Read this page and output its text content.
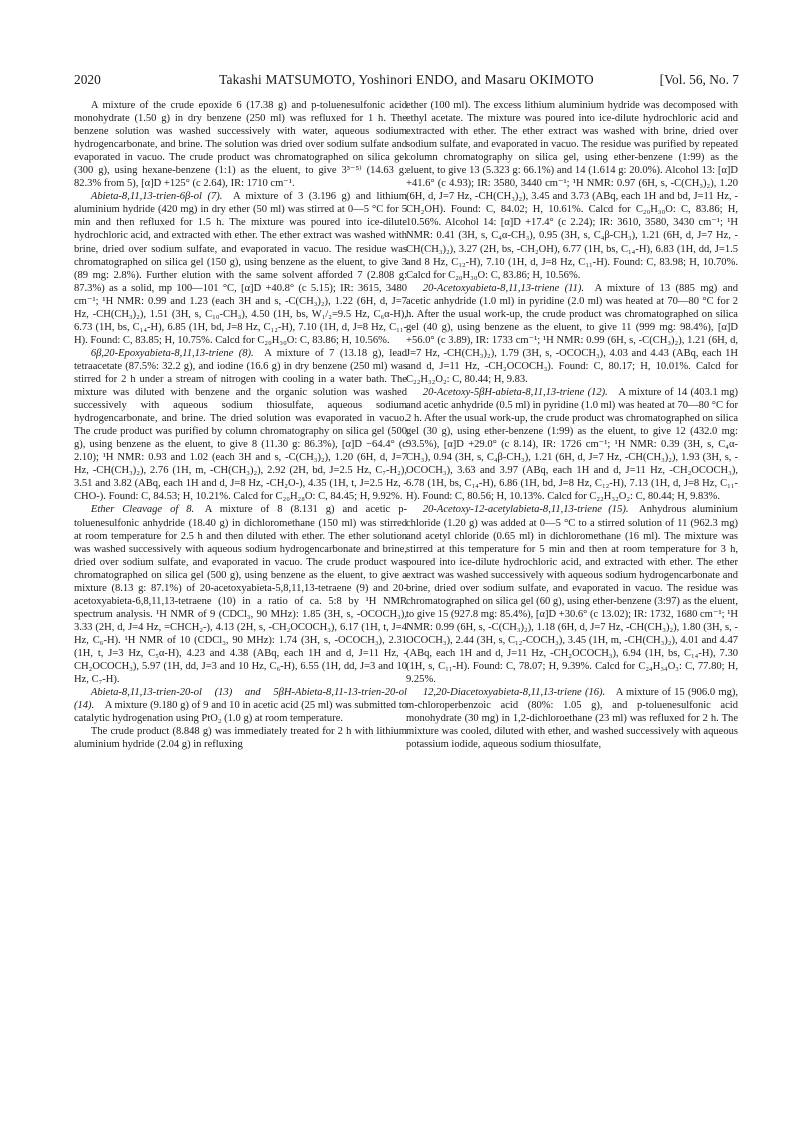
2020	Takashi MATSUMOTO, Yoshinori ENDO, and Masaru OKIMOTO	[Vol. 56, No. 7

A mixture of the crude epoxide 6 (17.38 g) and p-toluenesulfonic acid monohydrate (1.50 g) in dry benzene (250 ml) was refluxed for 1 h. The benzene solution was washed successively with water, aqueous sodium hydrogencarbonate, and brine. The solution was dried over sodium sulfate and evaporated in vacuo. The crude product was chromatographed on silica gel (300 g), using hexane-benzene (1:1) as the eluent, to give 3³⁻⁵⁾ (14.63 g: 82.3% from 5), [α]D +125° (c 2.64), IR: 1710 cm⁻¹.

Abieta-8,11,13-trien-6β-ol (7).  A mixture of 3 (3.196 g) and lithium aluminium hydride (420 mg) in dry ether (50 ml) was stirred at 0—5 °C for 5 min and then refluxed for 1.5 h. The mixture was poured into ice-dilute hydrochloric acid, and extracted with ether. The ether extract was washed with brine, dried over sodium sulfate, and evaporated in vacuo. The residue was chromatographed on silica gel (150 g), using benzene as the eluent, to give 3 (89 mg: 2.8%). Further elution with the same solvent afforded 7 (2.808 g: 87.3%) as a solid, mp 100—101 °C, [α]D +40.8° (c 5.15); IR: 3615, 3480 cm⁻¹; ¹H NMR: 0.99 and 1.23 (each 3H and s, -C(CH₃)₂), 1.22 (6H, d, J=7 Hz, -CH(CH₃)₂), 1.51 (3H, s, C₁₀-CH₃), 4.50 (1H, bs, W₁/₂=9.5 Hz, C₆α-H), 6.73 (1H, bs, C₁₄-H), 6.85 (1H, bd, J=8 Hz, C₁₂-H), 7.10 (1H, d, J=8 Hz, C₁₁-H). Found: C, 83.85; H, 10.75%. Calcd for C₂₀H₃₀O: C, 83.86; H, 10.56%.

6β,20-Epoxyabieta-8,11,13-triene (8).  A mixture of 7 (13.18 g), lead tetraacetate (87.5%: 32.2 g), and iodine (16.6 g) in dry benzene (250 ml) was stirred for 2 h under a stream of nitrogen with cooling in a water bath. The mixture was diluted with benzene and the organic solution was washed successively with aqueous sodium thiosulfate, aqueous sodium hydrogencarbonate, and brine. The dried solution was evaporated in vacuo. The crude product was purified by column chromatography on silica gel (500 g), using benzene as the eluent, to give 8 (11.30 g: 86.3%), [α]D −64.4° (c 2.10); ¹H NMR: 0.93 and 1.02 (each 3H and s, -C(CH₃)₂), 1.20 (6H, d, J=7 Hz, -CH(CH₃)₂), 2.76 (1H, m, -CH(CH₃)₂), 2.92 (2H, bd, J=2.5 Hz, C₇-H₂), 3.51 and 3.82 (ABq, each 1H and d, J=8 Hz, -CH₂O-), 4.35 (1H, t, J=2.5 Hz, -CHO-). Found: C, 84.53; H, 10.21%. Calcd for C₂₀H₂₈O: C, 84.45; H, 9.92%.

Ether Cleavage of 8.  A mixture of 8 (8.131 g) and acetic p-toluenesulfonic anhydride (18.40 g) in dichloromethane (150 ml) was stirred at room temperature for 2.5 h and then diluted with ether. The ether solution was washed successively with aqueous sodium hydrogencarbonate and brine, dried over sodium sulfate, and evaporated in vacuo. The crude product was chromatographed on silica gel (500 g), using benzene as the eluent, to give a mixture (8.13 g: 87.1%) of 20-acetoxyabieta-5,8,11,13-tetraene (9) and 20-acetoxyabieta-6,8,11,13-tetraene (10) in a ratio of ca. 5:8 by ¹H NMR spectrum analysis. ¹H NMR of 9 (CDCl₃, 90 MHz): 1.85 (3H, s, -OCOCH₃), 3.33 (2H, d, J=4 Hz, =CHCH₂-), 4.13 (2H, s, -CH₂OCOCH₃), 6.17 (1H, t, J=4 Hz, C₆-H). ¹H NMR of 10 (CDCl₃, 90 MHz): 1.74 (3H, s, -OCOCH₃), 2.31 (1H, t, J=3 Hz, C₅α-H), 4.23 and 4.38 (ABq, each 1H and d, J=11 Hz, -CH₂OCOCH₃), 5.97 (1H, dd, J=3 and 10 Hz, C₆-H), 6.55 (1H, dd, J=3 and 10 Hz, C₇-H).

Abieta-8,11,13-trien-20-ol (13) and 5βH-Abieta-8,11-13-trien-20-ol (14).  A mixture (9.180 g) of 9 and 10 in acetic acid (25 ml) was submitted to catalytic hydrogenation using PtO₂ (1.0 g) at room temperature.

The crude product (8.848 g) was immediately treated for 2 h with lithium aluminium hydride (2.04 g) in refluxing

ether (100 ml). The excess lithium aluminium hydride was decomposed with ethyl acetate. The mixture was poured into ice-dilute hydrochloric acid and extracted with ether. The ether extract was washed with brine, dried over sodium sulfate, and evaporated in vacuo. The residue was purified by repeated column chromatography on silica gel, using ether-benzene (1:99) as the eluent, to give 13 (5.323 g: 66.1%) and 14 (1.614 g: 20.0%). Alcohol 13: [α]D +41.6° (c 4.93); IR: 3580, 3440 cm⁻¹; ¹H NMR: 0.97 (6H, s, -C(CH₃)₂), 1.20 (6H, d, J=7 Hz, -CH(CH₃)₂), 3.45 and 3.73 (ABq, each 1H and bd, J=11 Hz, -CH₂OH). Found: C, 84.02; H, 10.61%. Calcd for C₂₀H₃₀O: C, 83.86; H, 10.56%. Alcohol 14: [α]D +17.4° (c 2.24); IR: 3610, 3580, 3430 cm⁻¹; ¹H NMR: 0.41 (3H, s, C₄α-CH₃), 0.95 (3H, s, C₄β-CH₃), 1.21 (6H, d, J=7 Hz, -CH(CH₃)₂), 3.27 (2H, bs, -CH₂OH), 6.77 (1H, bs, C₁₄-H), 6.83 (1H, dd, J=1.5 and 8 Hz, C₁₂-H), 7.10 (1H, d, J=8 Hz, C₁₁-H). Found: C, 83.98; H, 10.70%. Calcd for C₂₀H₃₀O: C, 83.86; H, 10.56%.

20-Acetoxyabieta-8,11,13-triene (11).  A mixture of 13 (885 mg) and acetic anhydride (1.0 ml) in pyridine (2.0 ml) was heated at 70—80 °C for 2 h. After the usual work-up, the crude product was chromatographed on silica gel (40 g), using benzene as the eluent, to give 11 (999 mg: 98.4%), [α]D +56.0° (c 3.89), IR: 1733 cm⁻¹; ¹H NMR: 0.99 (6H, s, -C(CH₃)₂), 1.21 (6H, d, J=7 Hz, -CH(CH₃)₂), 1.79 (3H, s, -OCOCH₃), 4.03 and 4.43 (ABq, each 1H and d, J=11 Hz, -CH₂OCOCH₃). Found: C, 80.17; H, 10.01%. Calcd for C₂₂H₃₂O₂: C, 80.44; H, 9.83.

20-Acetoxy-5βH-abieta-8,11,13-triene (12).  A mixture of 14 (403.1 mg) and acetic anhydride (0.5 ml) in pyridine (1.0 ml) was heated at 70—80 °C for 2 h. After the usual work-up, the crude product was chromatographed on silica gel (30 g), using ether-benzene (1:99) as the eluent, to give 12 (432.0 mg: 93.5%), [α]D +29.0° (c 8.14), IR: 1726 cm⁻¹; ¹H NMR: 0.39 (3H, s, C₄α-CH₃), 0.94 (3H, s, C₄β-CH₃), 1.21 (6H, d, J=7 Hz, -CH(CH₃)₂), 1.93 (3H, s, -OCOCH₃), 3.63 and 3.97 (ABq, each 1H and d, J=11 Hz, -CH₂OCOCH₃), 6.78 (1H, bs, C₁₄-H), 6.86 (1H, bd, J=8 Hz, C₁₂-H), 7.13 (1H, d, J=8 Hz, C₁₁-H). Found: C, 80.56; H, 10.13%. Calcd for C₂₂H₃₂O₂: C, 80.44; H, 9.83%.

20-Acetoxy-12-acetylabieta-8,11,13-triene (15).  Anhydrous aluminium chloride (1.20 g) was added at 0—5 °C to a stirred solution of 11 (962.3 mg) and acetyl chloride (0.65 ml) in dichloromethane (16 ml). The mixture was stirred at this temperature for 5 min and then at room temperature for 3 h, poured into ice-dilute hydrochloric acid, and extracted with ether. The ether extract was washed successively with aqueous sodium hydrogencarbonate and brine, dried over sodium sulfate, and evaporated in vacuo. The residue was chromatographed on silica gel (60 g), using ether-benzene (3:97) as the eluent, to give 15 (927.8 mg: 85.4%), [α]D +30.6° (c 13.02); IR: 1732, 1680 cm⁻¹; ¹H NMR: 0.99 (6H, s, -C(CH₃)₂), 1.18 (6H, d, J=7 Hz, -CH(CH₃)₂), 1.80 (3H, s, -OCOCH₃), 2.44 (3H, s, C₁₂-COCH₃), 3.45 (1H, m, -CH(CH₃)₂), 4.01 and 4.47 (ABq, each 1H and d, J=11 Hz, -CH₂OCOCH₃), 6.94 (1H, bs, C₁₄-H), 7.30 (1H, s, C₁₁-H). Found: C, 78.07; H, 9.39%. Calcd for C₂₄H₃₄O₃: C, 77.80; H, 9.25%.

12,20-Diacetoxyabieta-8,11,13-triene (16).  A mixture of 15 (906.0 mg), m-chloroperbenzoic acid (80%: 1.05 g), and p-toluenesulfonic acid monohydrate (30 mg) in 1,2-dichloroethane (23 ml) was refluxed for 2 h. The mixture was cooled, diluted with ether, and washed successively with aqueous potassium iodide, aqueous sodium thiosulfate,
